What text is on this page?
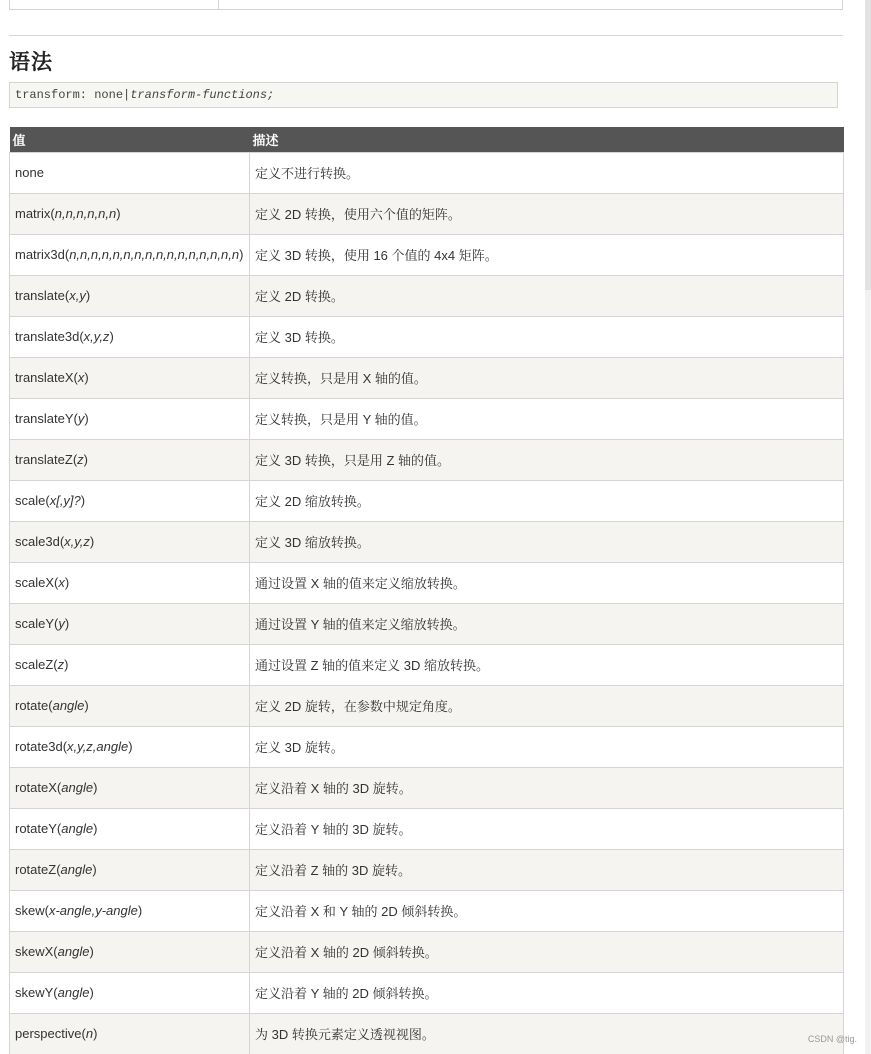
语法
transform: none|transform-functions;
值	描述
none	定义不进行转换。
matrix(n,n,n,n,n,n)	定义 2D 转换，使用六个值的矩阵。
matrix3d(n,n,n,n,n,n,n,n,n,n,n,n,n,n,n,n)	定义 3D 转换，使用 16 个值的 4x4 矩阵。
translate(x,y)	定义 2D 转换。
translate3d(x,y,z)	定义 3D 转换。
translateX(x)	定义转换，只是用 X 轴的值。
translateY(y)	定义转换，只是用 Y 轴的值。
translateZ(z)	定义 3D 转换，只是用 Z 轴的值。
scale(x[,y]?)	定义 2D 缩放转换。
scale3d(x,y,z)	定义 3D 缩放转换。
scaleX(x)	通过设置 X 轴的值来定义缩放转换。
scaleY(y)	通过设置 Y 轴的值来定义缩放转换。
scaleZ(z)	通过设置 Z 轴的值来定义 3D 缩放转换。
rotate(angle)	定义 2D 旋转，在参数中规定角度。
rotate3d(x,y,z,angle)	定义 3D 旋转。
rotateX(angle)	定义沿着 X 轴的 3D 旋转。
rotateY(angle)	定义沿着 Y 轴的 3D 旋转。
rotateZ(angle)	定义沿着 Z 轴的 3D 旋转。
skew(x-angle,y-angle)	定义沿着 X 和 Y 轴的 2D 倾斜转换。
skewX(angle)	定义沿着 X 轴的 2D 倾斜转换。
skewY(angle)	定义沿着 Y 轴的 2D 倾斜转换。
perspective(n)	为 3D 转换元素定义透视视图。	CSDN @tig.
